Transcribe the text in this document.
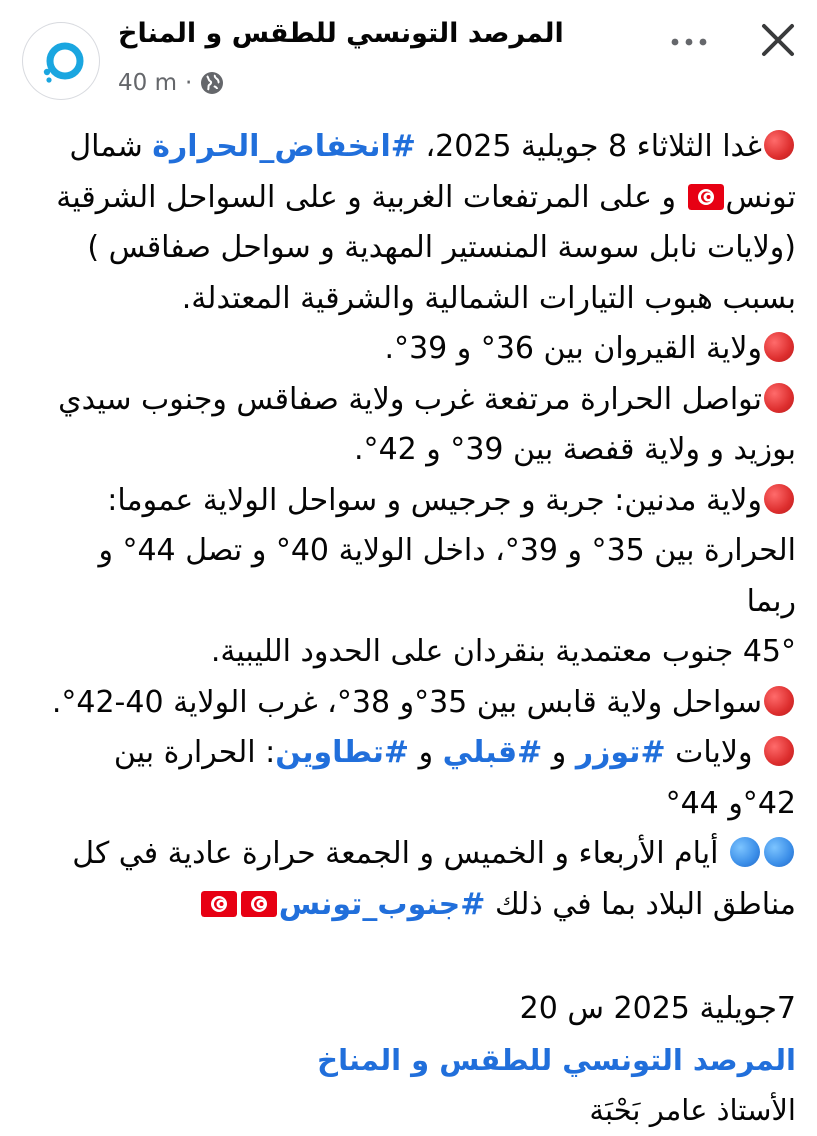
المرصد التونسي للطقس و المناخ
40 m ·

غدا الثلاثاء 8 جويلية 2025، #انخفاض_الحرارة شمال

تونس و على المرتفعات الغربية و على السواحل الشرقية

(ولايات نابل سوسة المنستير المهدية و سواحل صفاقس )

بسبب هبوب التيارات الشمالية والشرقية المعتدلة.

ولاية القيروان بين 36° و 39°.

تواصل الحرارة مرتفعة غرب ولاية صفاقس وجنوب سيدي

بوزيد و ولاية قفصة بين 39° و 42°.

ولاية مدنين: جربة و جرجيس و سواحل الولاية عموما:

الحرارة بين 35° و 39°، داخل الولاية 40° و تصل 44° و ربما

45° جنوب معتمدية بنقردان على الحدود الليبية.

سواحل ولاية قابس بين 35°و 38°، غرب الولاية 40-42°.

ولايات #توزر و #قبلي و #تطاوين: الحرارة بين 42°و 44°

أيام الأربعاء و الخميس و الجمعة حرارة عادية في كل

مناطق البلاد بما في ذلك #جنوب_تونس

7جويلية 2025 س 20

المرصد التونسي للطقس و المناخ

الأستاذ عامر بَحْبَة
